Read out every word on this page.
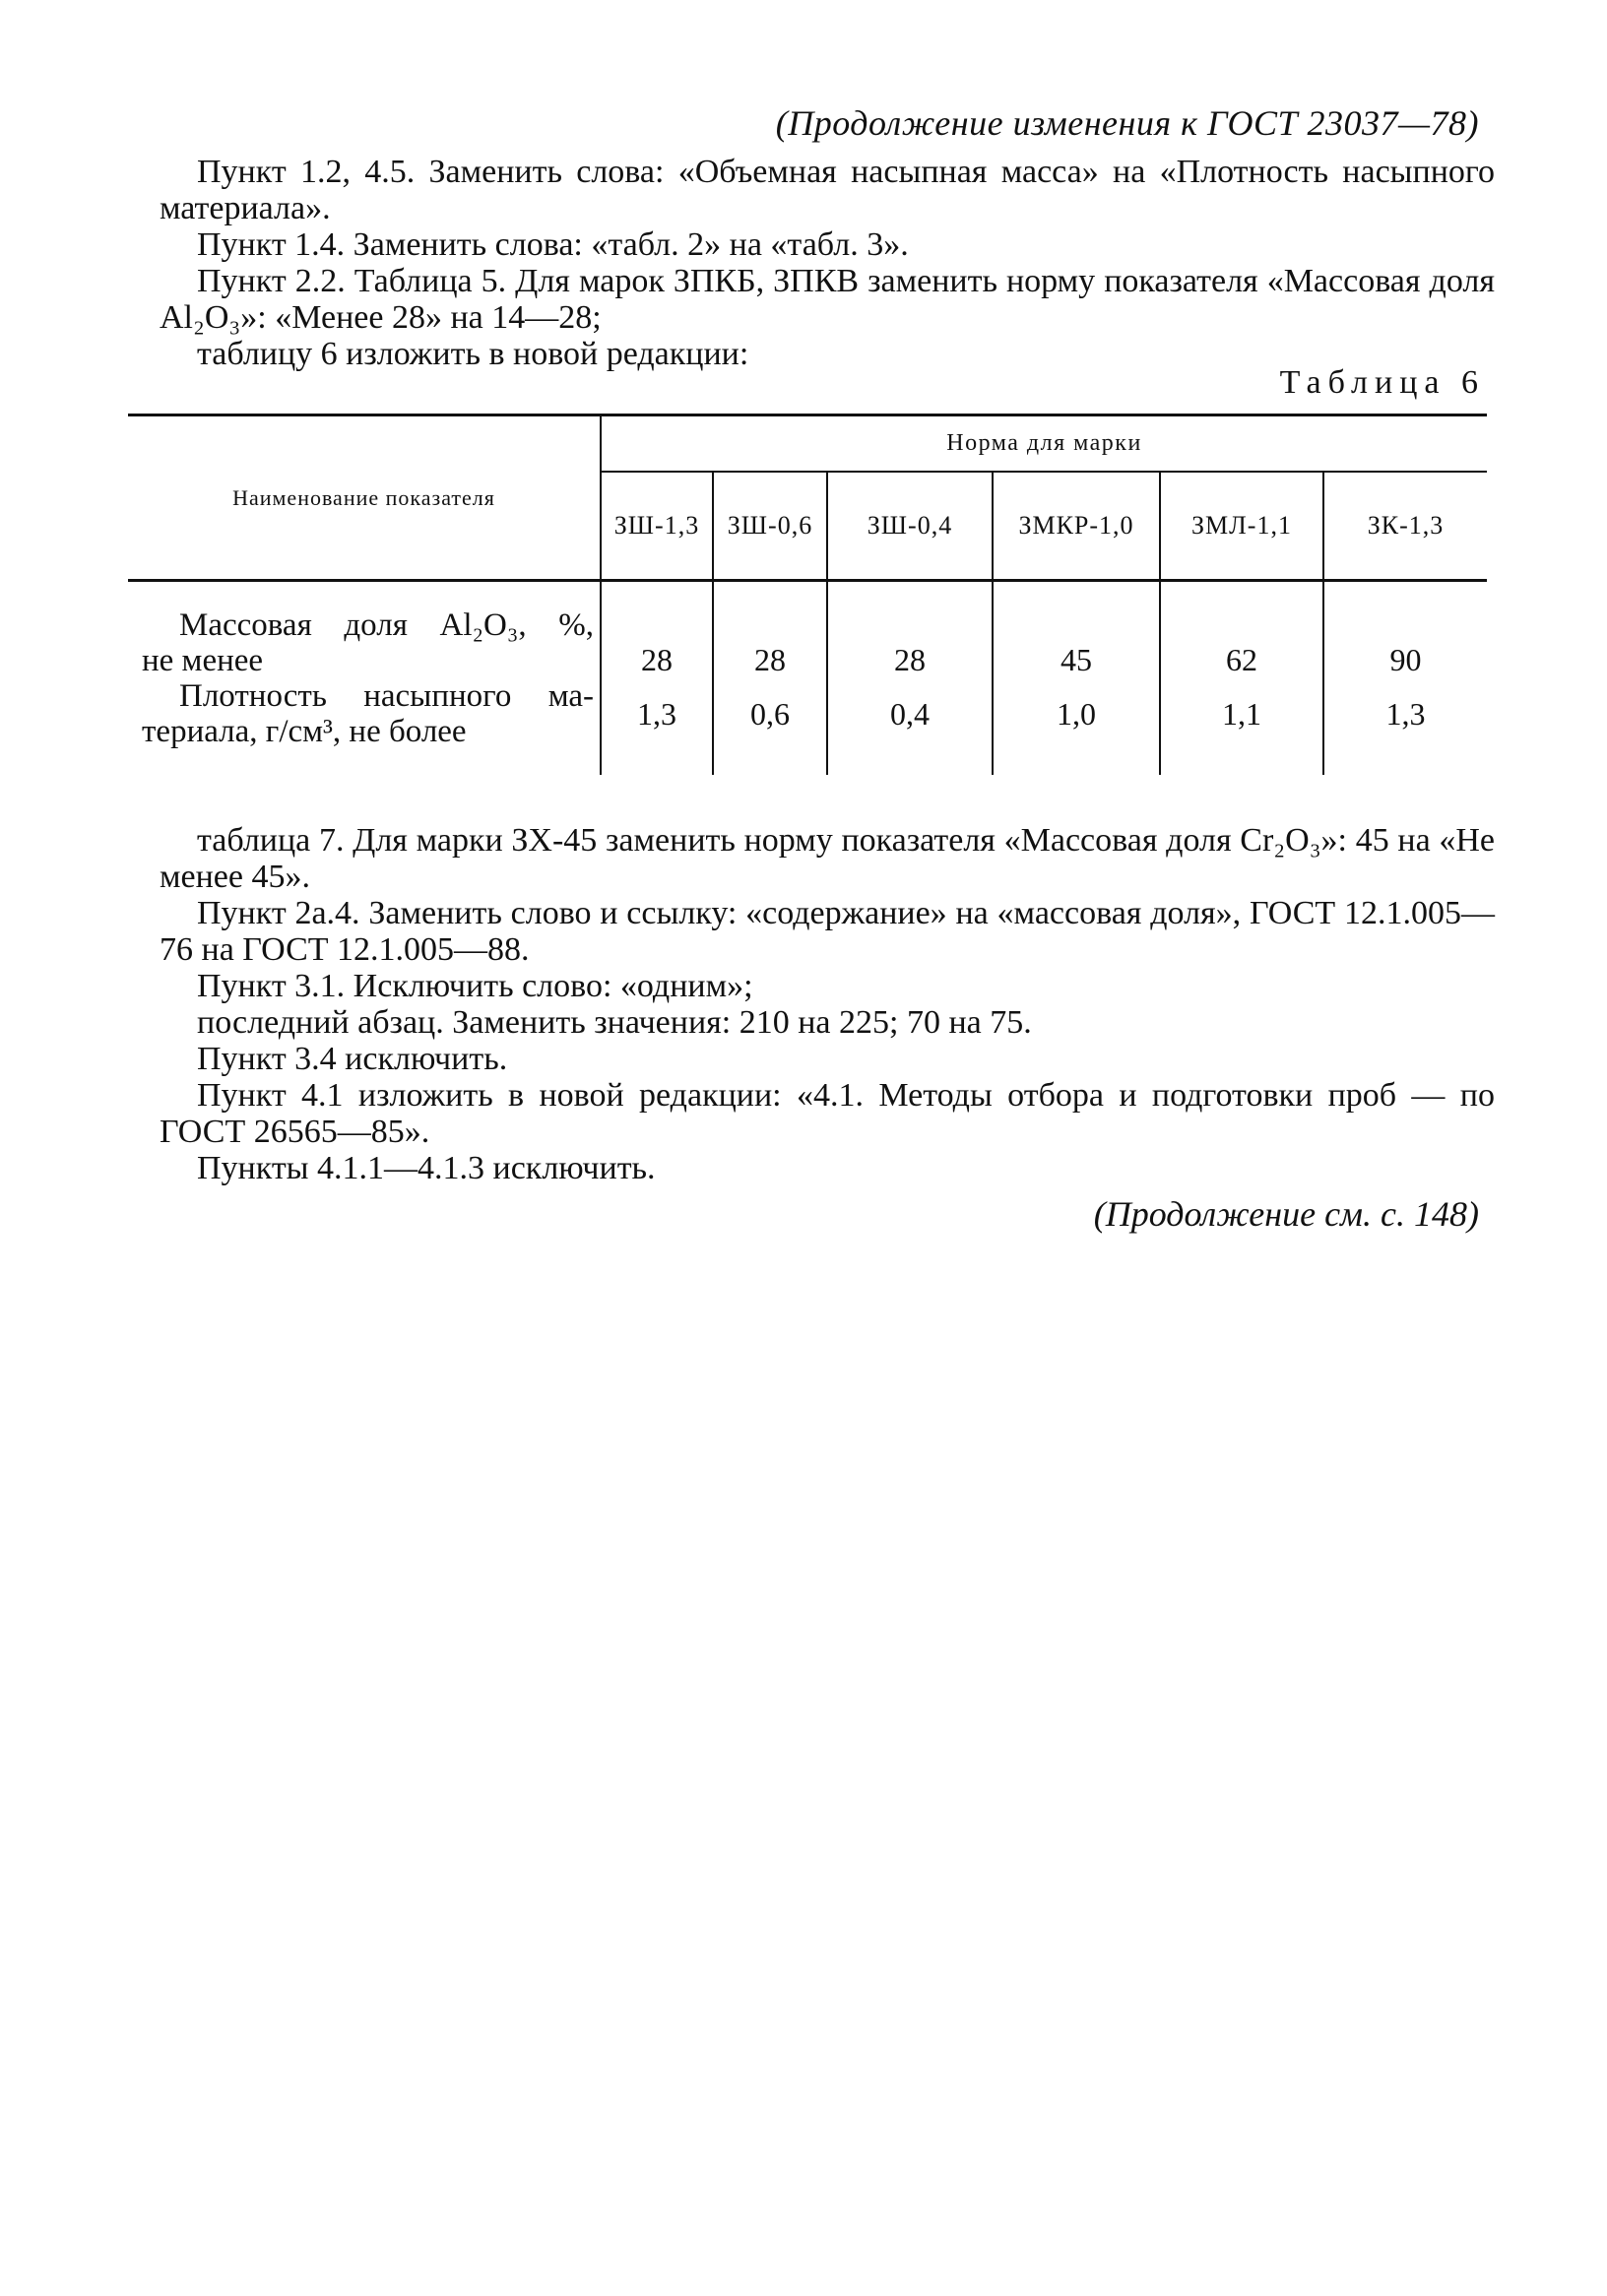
(Продолжение изменения к ГОСТ 23037—78)

Пункт 1.2, 4.5. Заменить слова: «Объемная насыпная масса» на «Плотность насыпного материала».

Пункт 1.4. Заменить слова: «табл. 2» на «табл. 3».

Пункт 2.2. Таблица 5. Для марок ЗПКБ, ЗПКВ заменить норму показателя «Массовая доля Al₂O₃»: «Менее 28» на 14—28;

таблицу 6 изложить в новой редакции:

Таблица 6
Наименование показателя	Норма для марки					
	ЗШ-1,3	ЗШ-0,6	ЗШ-0,4	ЗМКР-1,0	ЗМЛ-1,1	ЗК-1,3

Массовая доля Al₂O₃, %,
не менее	28	28	28	45	62	90

Плотность насыпного ма-
териала, г/см³, не более	1,3	0,6	0,4	1,0	1,1	1,3

таблица 7. Для марки ЗХ-45 заменить норму показателя «Массовая доля Cr₂O₃»: 45 на «Не менее 45».

Пункт 2а.4. Заменить слово и ссылку: «содержание» на «массовая доля», ГОСТ 12.1.005—76 на ГОСТ 12.1.005—88.

Пункт 3.1. Исключить слово: «одним»;

последний абзац. Заменить значения: 210 на 225; 70 на 75.

Пункт 3.4 исключить.

Пункт 4.1 изложить в новой редакции: «4.1. Методы отбора и подготовки проб — по ГОСТ 26565—85».

Пункты 4.1.1—4.1.3 исключить.

(Продолжение см. с. 148)
